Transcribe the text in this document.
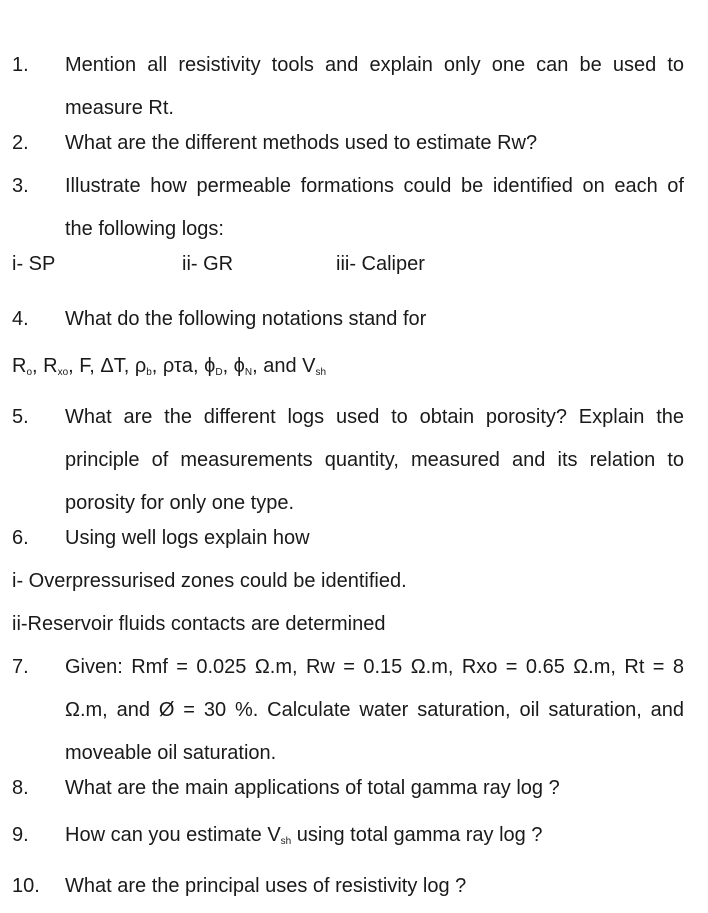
1. Mention all resistivity tools and explain only one can be used to
measure Rt.
2. What are the different methods used to estimate Rw?
3. Illustrate how permeable formations could be identified on each of
the following logs:
i- SP	ii- GR	iii- Caliper
4. What do the following notations stand for
$R_o$, $R_{xo}$, F, ΔT, $\rho_b$, ρτa, $\phi_D$, $\phi_N$, and $V_{sh}$
5. What are the different logs used to obtain porosity? Explain the
principle of measurements quantity, measured and its relation to
porosity for only one type.
6. Using well logs explain how
i- Overpressurised zones could be identified.
ii-Reservoir fluids contacts are determined
7. Given: Rmf = 0.025 Ω.m, Rw = 0.15 Ω.m, Rxo = 0.65 Ω.m, Rt = 8
Ω.m, and Ø = 30 %. Calculate water saturation, oil saturation, and
moveable oil saturation.
8. What are the main applications of total gamma ray log ?
9. How can you estimate $V_{sh}$ using total gamma ray log ?
10. What are the principal uses of resistivity log ?
